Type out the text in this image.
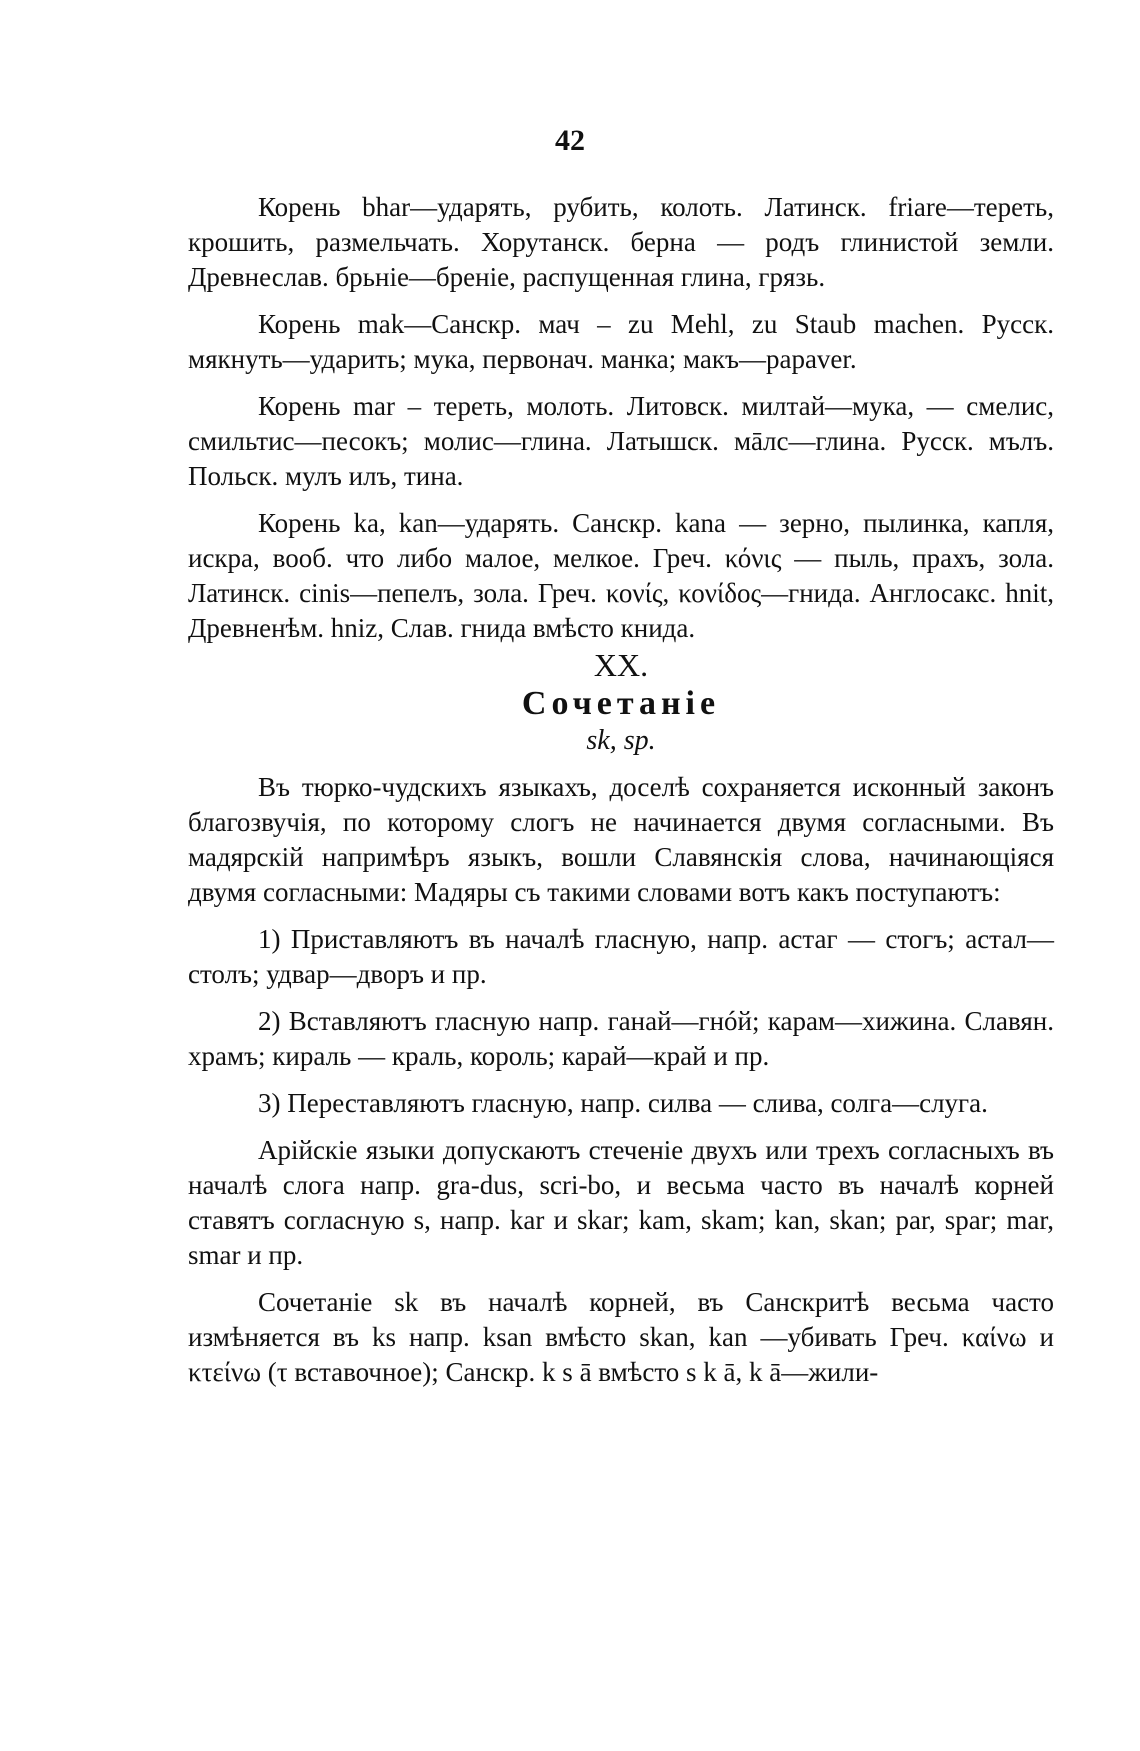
42

Корень bhar—ударять, рубить, колоть. Латинск. friare—тереть, крошить, размельчать. Хорутанск. берна — родъ глинистой земли. Древнеслав. брьніе—бреніе, распущенная глина, грязь.

Корень mak—Санскр. мач – zu Mehl, zu Staub machen. Русск. мякнуть—ударить; мука, первонач. манка; макъ—papaver.

Корень mar – тереть, молоть. Литовск. милтай—мука, — смелис, смильтис—песокъ; молис—глина. Латышск. мāлс—глина. Русск. мълъ. Польск. мулъ илъ, тина.

Корень ka, kan—ударять. Санскр. kana — зерно, пылинка, капля, искра, вооб. что либо малое, мелкое. Греч. κόνις — пыль, прахъ, зола. Латинск. cinis—пепелъ, зола. Греч. κονίς, κονίδος—гнида. Англосакс. hnit, Древненѣм. hniz, Слав. гнида вмѣсто книда.

XX.

Сочетаніе

sk, sp.

Въ тюрко-чудскихъ языкахъ, доселѣ сохраняется исконный законъ благозвучія, по которому слогъ не начинается двумя согласными. Въ мадярскій напримѣръ языкъ, вошли Славянскія слова, начинающіяся двумя согласными: Мадяры съ такими словами вотъ какъ поступаютъ:

1) Приставляютъ въ началѣ гласную, напр. астаг — стогъ; астал—столъ; удвар—дворъ и пр.

2) Вставляютъ гласную напр. ганай—гнóй; карам—хижина. Славян. храмъ; кираль — краль, король; карай—край и пр.

3) Переставляютъ гласную, напр. силва — слива, солга—слуга.

Арійскіе языки допускаютъ стеченіе двухъ или трехъ согласныхъ въ началѣ слога напр. gra-dus, scri-bo, и весьма часто въ началѣ корней ставятъ согласную s, напр. kar и skar; kam, skam; kan, skan; par, spar; mar, smar и пр.

Сочетаніе sk въ началѣ корней, въ Санскритѣ весьма часто измѣняется въ ks напр. ksan вмѣсто skan, kan —убивать Греч. καίνω и κτείνω (τ вставочное); Санскр. k s ā вмѣсто s k ā, k ā—жили-
